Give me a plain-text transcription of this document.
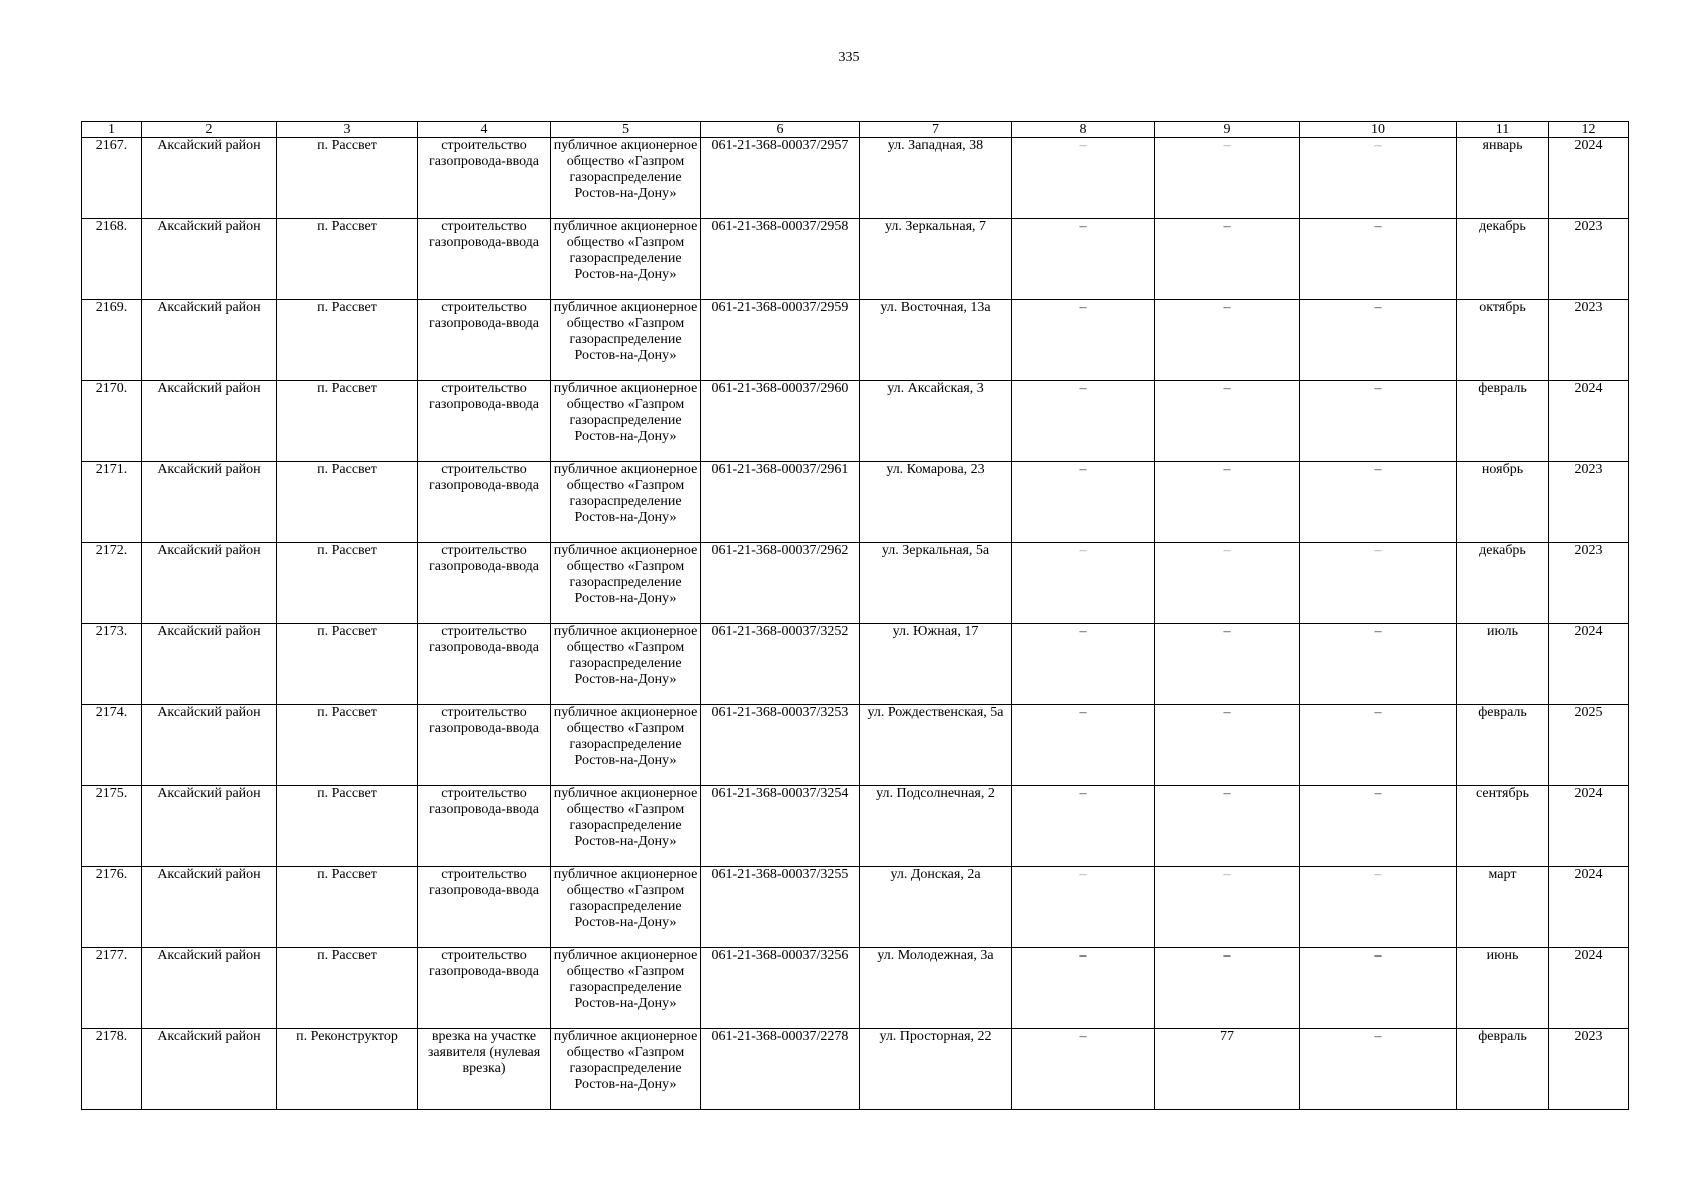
335
1	2	3	4	5	6	7	8	9	10	11	12
2167.	Аксайский район	п. Рассвет	строительство газопровода-ввода	публичное акционерное общество «Газпром газораспределение Ростов-на-Дону»	061-21-368-00037/2957	ул. Западная, 38	–	–	–	январь	2024
2168.	Аксайский район	п. Рассвет	строительство газопровода-ввода	публичное акционерное общество «Газпром газораспределение Ростов-на-Дону»	061-21-368-00037/2958	ул. Зеркальная, 7	–	–	–	декабрь	2023
2169.	Аксайский район	п. Рассвет	строительство газопровода-ввода	публичное акционерное общество «Газпром газораспределение Ростов-на-Дону»	061-21-368-00037/2959	ул. Восточная, 13а	–	–	–	октябрь	2023
2170.	Аксайский район	п. Рассвет	строительство газопровода-ввода	публичное акционерное общество «Газпром газораспределение Ростов-на-Дону»	061-21-368-00037/2960	ул. Аксайская, 3	–	–	–	февраль	2024
2171.	Аксайский район	п. Рассвет	строительство газопровода-ввода	публичное акционерное общество «Газпром газораспределение Ростов-на-Дону»	061-21-368-00037/2961	ул. Комарова, 23	–	–	–	ноябрь	2023
2172.	Аксайский район	п. Рассвет	строительство газопровода-ввода	публичное акционерное общество «Газпром газораспределение Ростов-на-Дону»	061-21-368-00037/2962	ул. Зеркальная, 5а	–	–	–	декабрь	2023
2173.	Аксайский район	п. Рассвет	строительство газопровода-ввода	публичное акционерное общество «Газпром газораспределение Ростов-на-Дону»	061-21-368-00037/3252	ул. Южная, 17	–	–	–	июль	2024
2174.	Аксайский район	п. Рассвет	строительство газопровода-ввода	публичное акционерное общество «Газпром газораспределение Ростов-на-Дону»	061-21-368-00037/3253	ул. Рождественская, 5а	–	–	–	февраль	2025
2175.	Аксайский район	п. Рассвет	строительство газопровода-ввода	публичное акционерное общество «Газпром газораспределение Ростов-на-Дону»	061-21-368-00037/3254	ул. Подсолнечная, 2	–	–	–	сентябрь	2024
2176.	Аксайский район	п. Рассвет	строительство газопровода-ввода	публичное акционерное общество «Газпром газораспределение Ростов-на-Дону»	061-21-368-00037/3255	ул. Донская, 2а	–	–	–	март	2024
2177.	Аксайский район	п. Рассвет	строительство газопровода-ввода	публичное акционерное общество «Газпром газораспределение Ростов-на-Дону»	061-21-368-00037/3256	ул. Молодежная, 3а	–	–	–	июнь	2024
2178.	Аксайский район	п. Реконструктор	врезка на участке заявителя (нулевая врезка)	публичное акционерное общество «Газпром газораспределение Ростов-на-Дону»	061-21-368-00037/2278	ул. Просторная, 22	–	77	–	февраль	2023
